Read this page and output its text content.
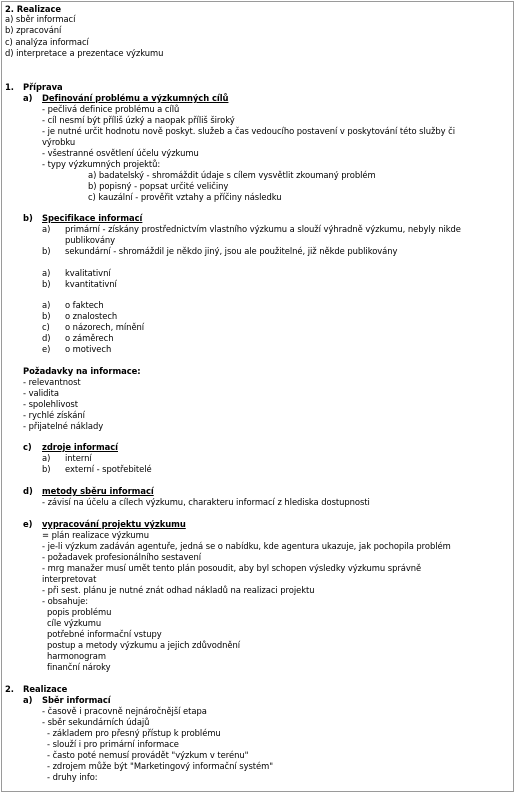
2. Realizace
a) sběr informací
b) zpracování
c) analýza informací
d) interpretace a prezentace výzkumu
1. Příprava
a) Definování problému a výzkumných cílů
- pečlivá definice problému a cílů
- cíl nesmí být příliš úzký a naopak příliš široký
- je nutné určit hodnotu nově poskyt. služeb a čas vedoucího postavení v poskytování této služby či
výrobku
- všestranné osvětlení účelu výzkumu
- typy výzkumných projektů:
a) badatelský - shromáždit údaje s cílem vysvětlit zkoumaný problém
b) popisný - popsat určité veličiny
c) kauzální - prověřit vztahy a příčiny následku
b) Specifikace informací
a) primární - získány prostřednictvím vlastního výzkumu a slouží výhradně výzkumu, nebyly nikde
publikovány
b) sekundární - shromáždil je někdo jiný, jsou ale použitelné, již někde publikovány
a) kvalitativní
b) kvantitativní
a) o faktech
b) o znalostech
c) o názorech, mínění
d) o záměrech
e) o motivech
Požadavky na informace:
- relevantnost
- validita
- spolehlivost
- rychlé získání
- přijatelné náklady
c) zdroje informací
a) interní
b) externí - spotřebitelé
d) metody sběru informací
- závisí na účelu a cílech výzkumu, charakteru informací z hlediska dostupnosti
e) vypracování projektu výzkumu
= plán realizace výzkumu
- je-li výzkum zadáván agentuře, jedná se o nabídku, kde agentura ukazuje, jak pochopila problém
- požadavek profesionálního sestavení
- mrg manažer musí umět tento plán posoudit, aby byl schopen výsledky výzkumu správně
interpretovat
- při sest. plánu je nutné znát odhad nákladů na realizaci projektu
- obsahuje:
popis problému
cíle výzkumu
potřebné informační vstupy
postup a metody výzkumu a jejich zdůvodnění
harmonogram
finanční nároky
2. Realizace
a) Sběr informací
- časově i pracovně nejnáročnější etapa
- sběr sekundárních údajů
- základem pro přesný přístup k problému
- slouží i pro primární informace
- často poté nemusí provádět "výzkum v terénu"
- zdrojem může být "Marketingový informační systém"
- druhy info:
